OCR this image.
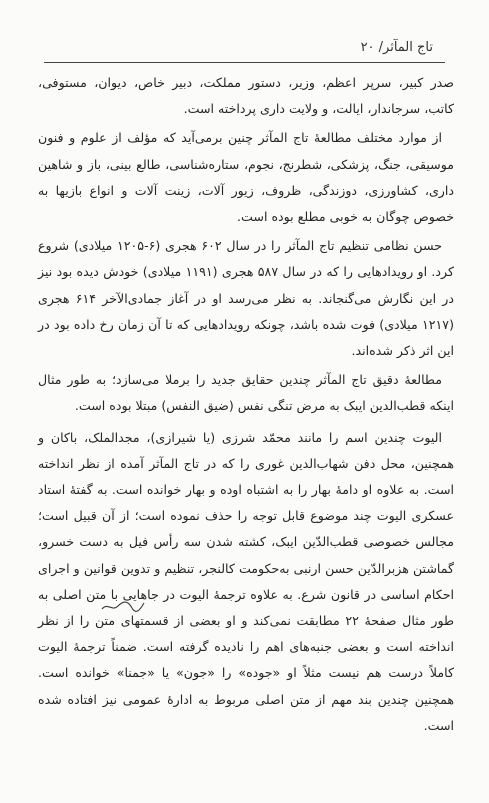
تاج المآثر/ ۲۰

صدر کبیر، سرپر اعظم، وزیر، دستور مملکت، دبیر خاص، دیوان، مستوفی، کاتب، سرجاندار، ایالت، و ولایت داری پرداخته است.

از موارد مختلف مطالعهٔ تاج المآثر چنین برمی‌آید که مؤلف از علوم و فنون موسیقی، جنگ، پزشکی، شطرنج، نجوم، ستاره‌شناسی، طالع بینی، باز و شاهین داری، کشاورزی، دوزندگی، ظروف، زیور آلات، زینت آلات و انواع بازیها به خصوص چوگان به خوبی مطلع بوده است.

حسن نظامی تنظیم تاج المآثر را در سال ۶۰۲ هجری (۶-۱۲۰۵ میلادی) شروع کرد. او رویدادهایی را که در سال ۵۸۷ هجری (۱۱۹۱ میلادی) خودش دیده بود نیز در این نگارش می‌گنجاند. به نظر می‌رسد او در آغاز جمادی‌الآخر ۶۱۴ هجری (۱۲۱۷ میلادی) فوت شده باشد، چونکه رویدادهایی که تا آن زمان رخ داده بود در این اثر ذکر شده‌اند.

مطالعهٔ دقیق تاج المآثر چندین حقایق جدید را برملا می‌سازد؛ به طور مثال اینکه قطب‌الدین ایبک به مرض تنگی نفس (ضیق النفس) مبتلا بوده است.

الیوت چندین اسم را مانند محمّد شرزی (یا شیرازی)، مجدالملک، باکان و همچنین، محل دفن شهاب‌الدین غوری را که در تاج المآثر آمده از نظر انداخته است. به علاوه او دامهٔ بهار را به اشتباه اوده و بهار خوانده است. به گفتهٔ استاد عسکری الیوت چند موضوع قابل توجه را حذف نموده است؛ از آن قبیل است؛ مجالس خصوصی قطب‌الدّین ایبک، کشته شدن سه رأس فیل به دست خسرو، گماشتن هزبرالدّین حسن ارنبی به‌حکومت کالنجر، تنظیم و تدوین قوانین و اجرای احکام اساسی در قانون شرع. به علاوه ترجمهٔ الیوت در جاهایی با متن اصلی به طور مثال صفحهٔ ۲۲ مطابقت نمی‌کند و او بعضی از قسمتهای متن را از نظر انداخته است و بعضی جنبه‌های اهم را نادیده گرفته است. ضمناً ترجمهٔ الیوت کاملاً درست هم نیست مثلاً او «جوده» را «جون» یا «جمنا» خوانده است. همچنین چندین بند مهم از متن اصلی مربوط به ادارهٔ عمومی نیز افتاده شده است.
